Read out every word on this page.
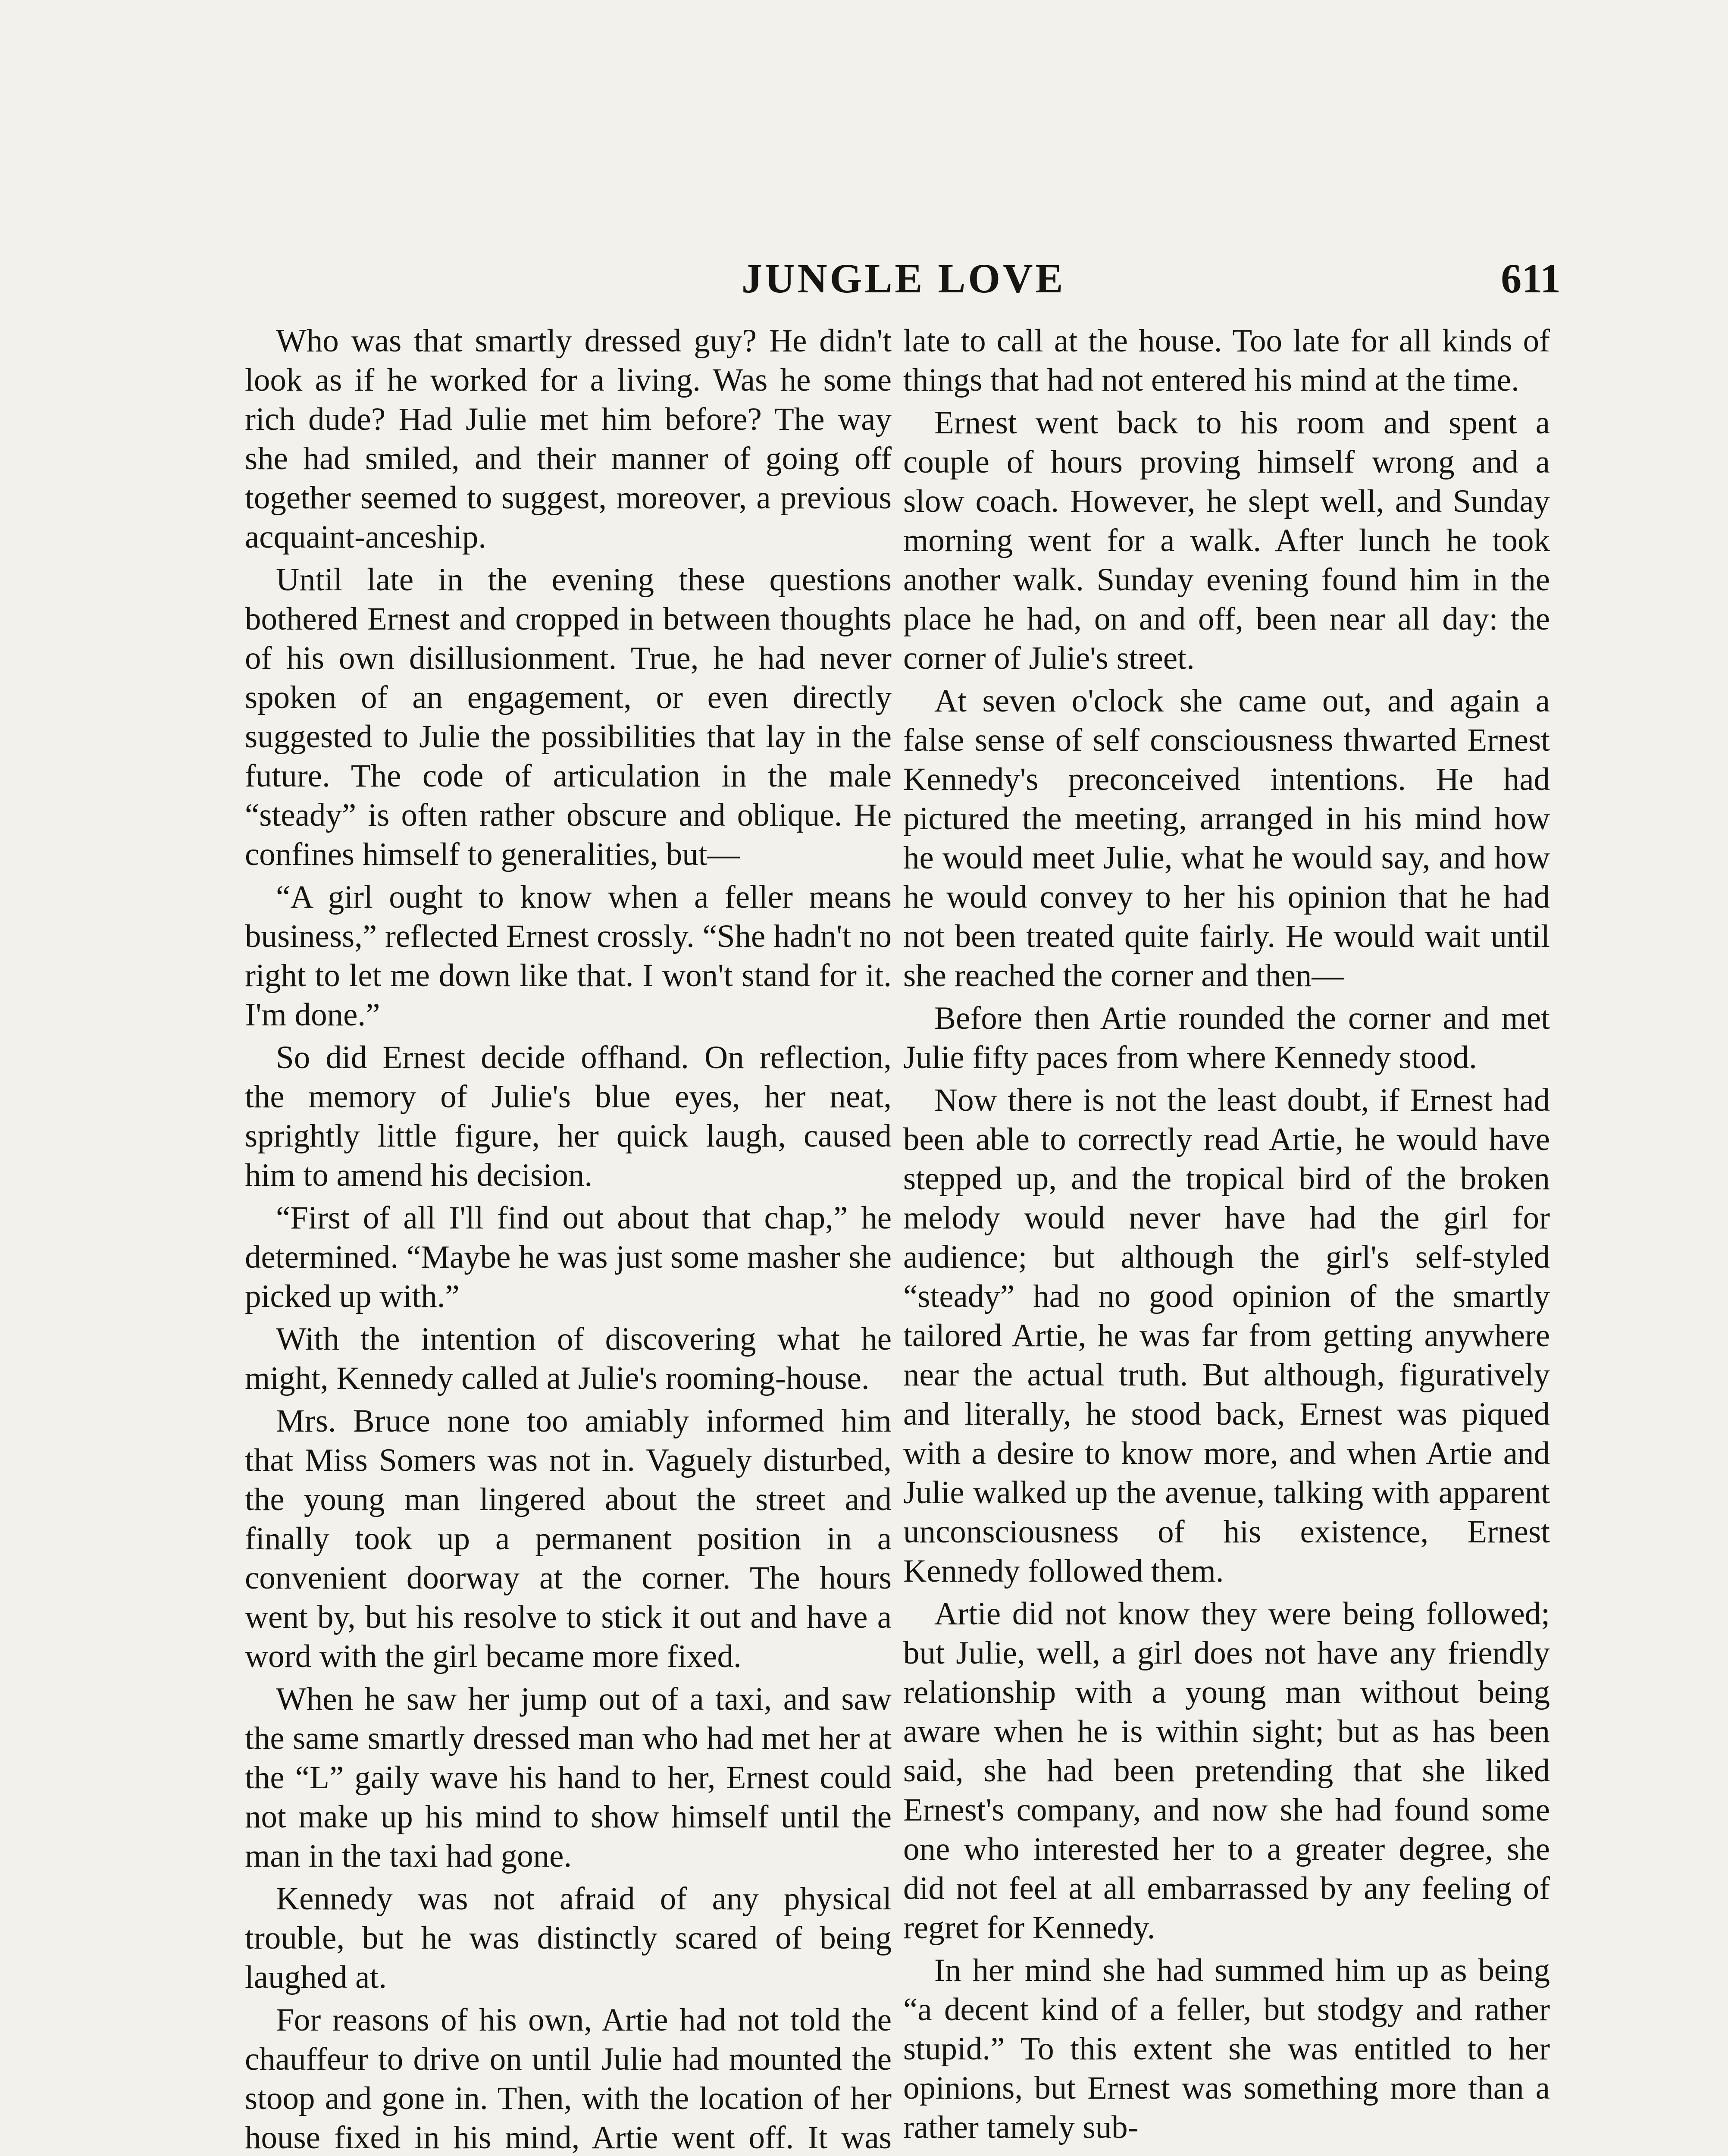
JUNGLE LOVE	611

Who was that smartly dressed guy? He didn't look as if he worked for a living. Was he some rich dude? Had Julie met him before? The way she had smiled, and their manner of going off together seemed to suggest, moreover, a previous acquaint-anceship.

Until late in the evening these questions bothered Ernest and cropped in between thoughts of his own disillusionment. True, he had never spoken of an engagement, or even directly suggested to Julie the possibilities that lay in the future. The code of articulation in the male “steady” is often rather obscure and oblique. He confines himself to generalities, but—

“A girl ought to know when a feller means business,” reflected Ernest crossly. “She hadn't no right to let me down like that. I won't stand for it. I'm done.”

So did Ernest decide offhand. On reflection, the memory of Julie's blue eyes, her neat, sprightly little figure, her quick laugh, caused him to amend his decision.

“First of all I'll find out about that chap,” he determined. “Maybe he was just some masher she picked up with.”

With the intention of discovering what he might, Kennedy called at Julie's rooming-house.

Mrs. Bruce none too amiably informed him that Miss Somers was not in. Vaguely disturbed, the young man lingered about the street and finally took up a permanent position in a convenient doorway at the corner. The hours went by, but his resolve to stick it out and have a word with the girl became more fixed.

When he saw her jump out of a taxi, and saw the same smartly dressed man who had met her at the “L” gaily wave his hand to her, Ernest could not make up his mind to show himself until the man in the taxi had gone.

Kennedy was not afraid of any physical trouble, but he was distinctly scared of being laughed at.

For reasons of his own, Artie had not told the chauffeur to drive on until Julie had mounted the stoop and gone in. Then, with the location of her house fixed in his mind, Artie went off. It was

late to call at the house. Too late for all kinds of things that had not entered his mind at the time.

Ernest went back to his room and spent a couple of hours proving himself wrong and a slow coach. However, he slept well, and Sunday morning went for a walk. After lunch he took another walk. Sunday evening found him in the place he had, on and off, been near all day: the corner of Julie's street.

At seven o'clock she came out, and again a false sense of self consciousness thwarted Ernest Kennedy's preconceived intentions. He had pictured the meeting, arranged in his mind how he would meet Julie, what he would say, and how he would convey to her his opinion that he had not been treated quite fairly. He would wait until she reached the corner and then—

Before then Artie rounded the corner and met Julie fifty paces from where Kennedy stood.

Now there is not the least doubt, if Ernest had been able to correctly read Artie, he would have stepped up, and the tropical bird of the broken melody would never have had the girl for audience; but although the girl's self-styled “steady” had no good opinion of the smartly tailored Artie, he was far from getting anywhere near the actual truth. But although, figuratively and literally, he stood back, Ernest was piqued with a desire to know more, and when Artie and Julie walked up the avenue, talking with apparent unconsciousness of his existence, Ernest Kennedy followed them.

Artie did not know they were being followed; but Julie, well, a girl does not have any friendly relationship with a young man without being aware when he is within sight; but as has been said, she had been pretending that she liked Ernest's company, and now she had found some one who interested her to a greater degree, she did not feel at all embarrassed by any feeling of regret for Kennedy.

In her mind she had summed him up as being “a decent kind of a feller, but stodgy and rather stupid.” To this extent she was entitled to her opinions, but Ernest was something more than a rather tamely sub-
